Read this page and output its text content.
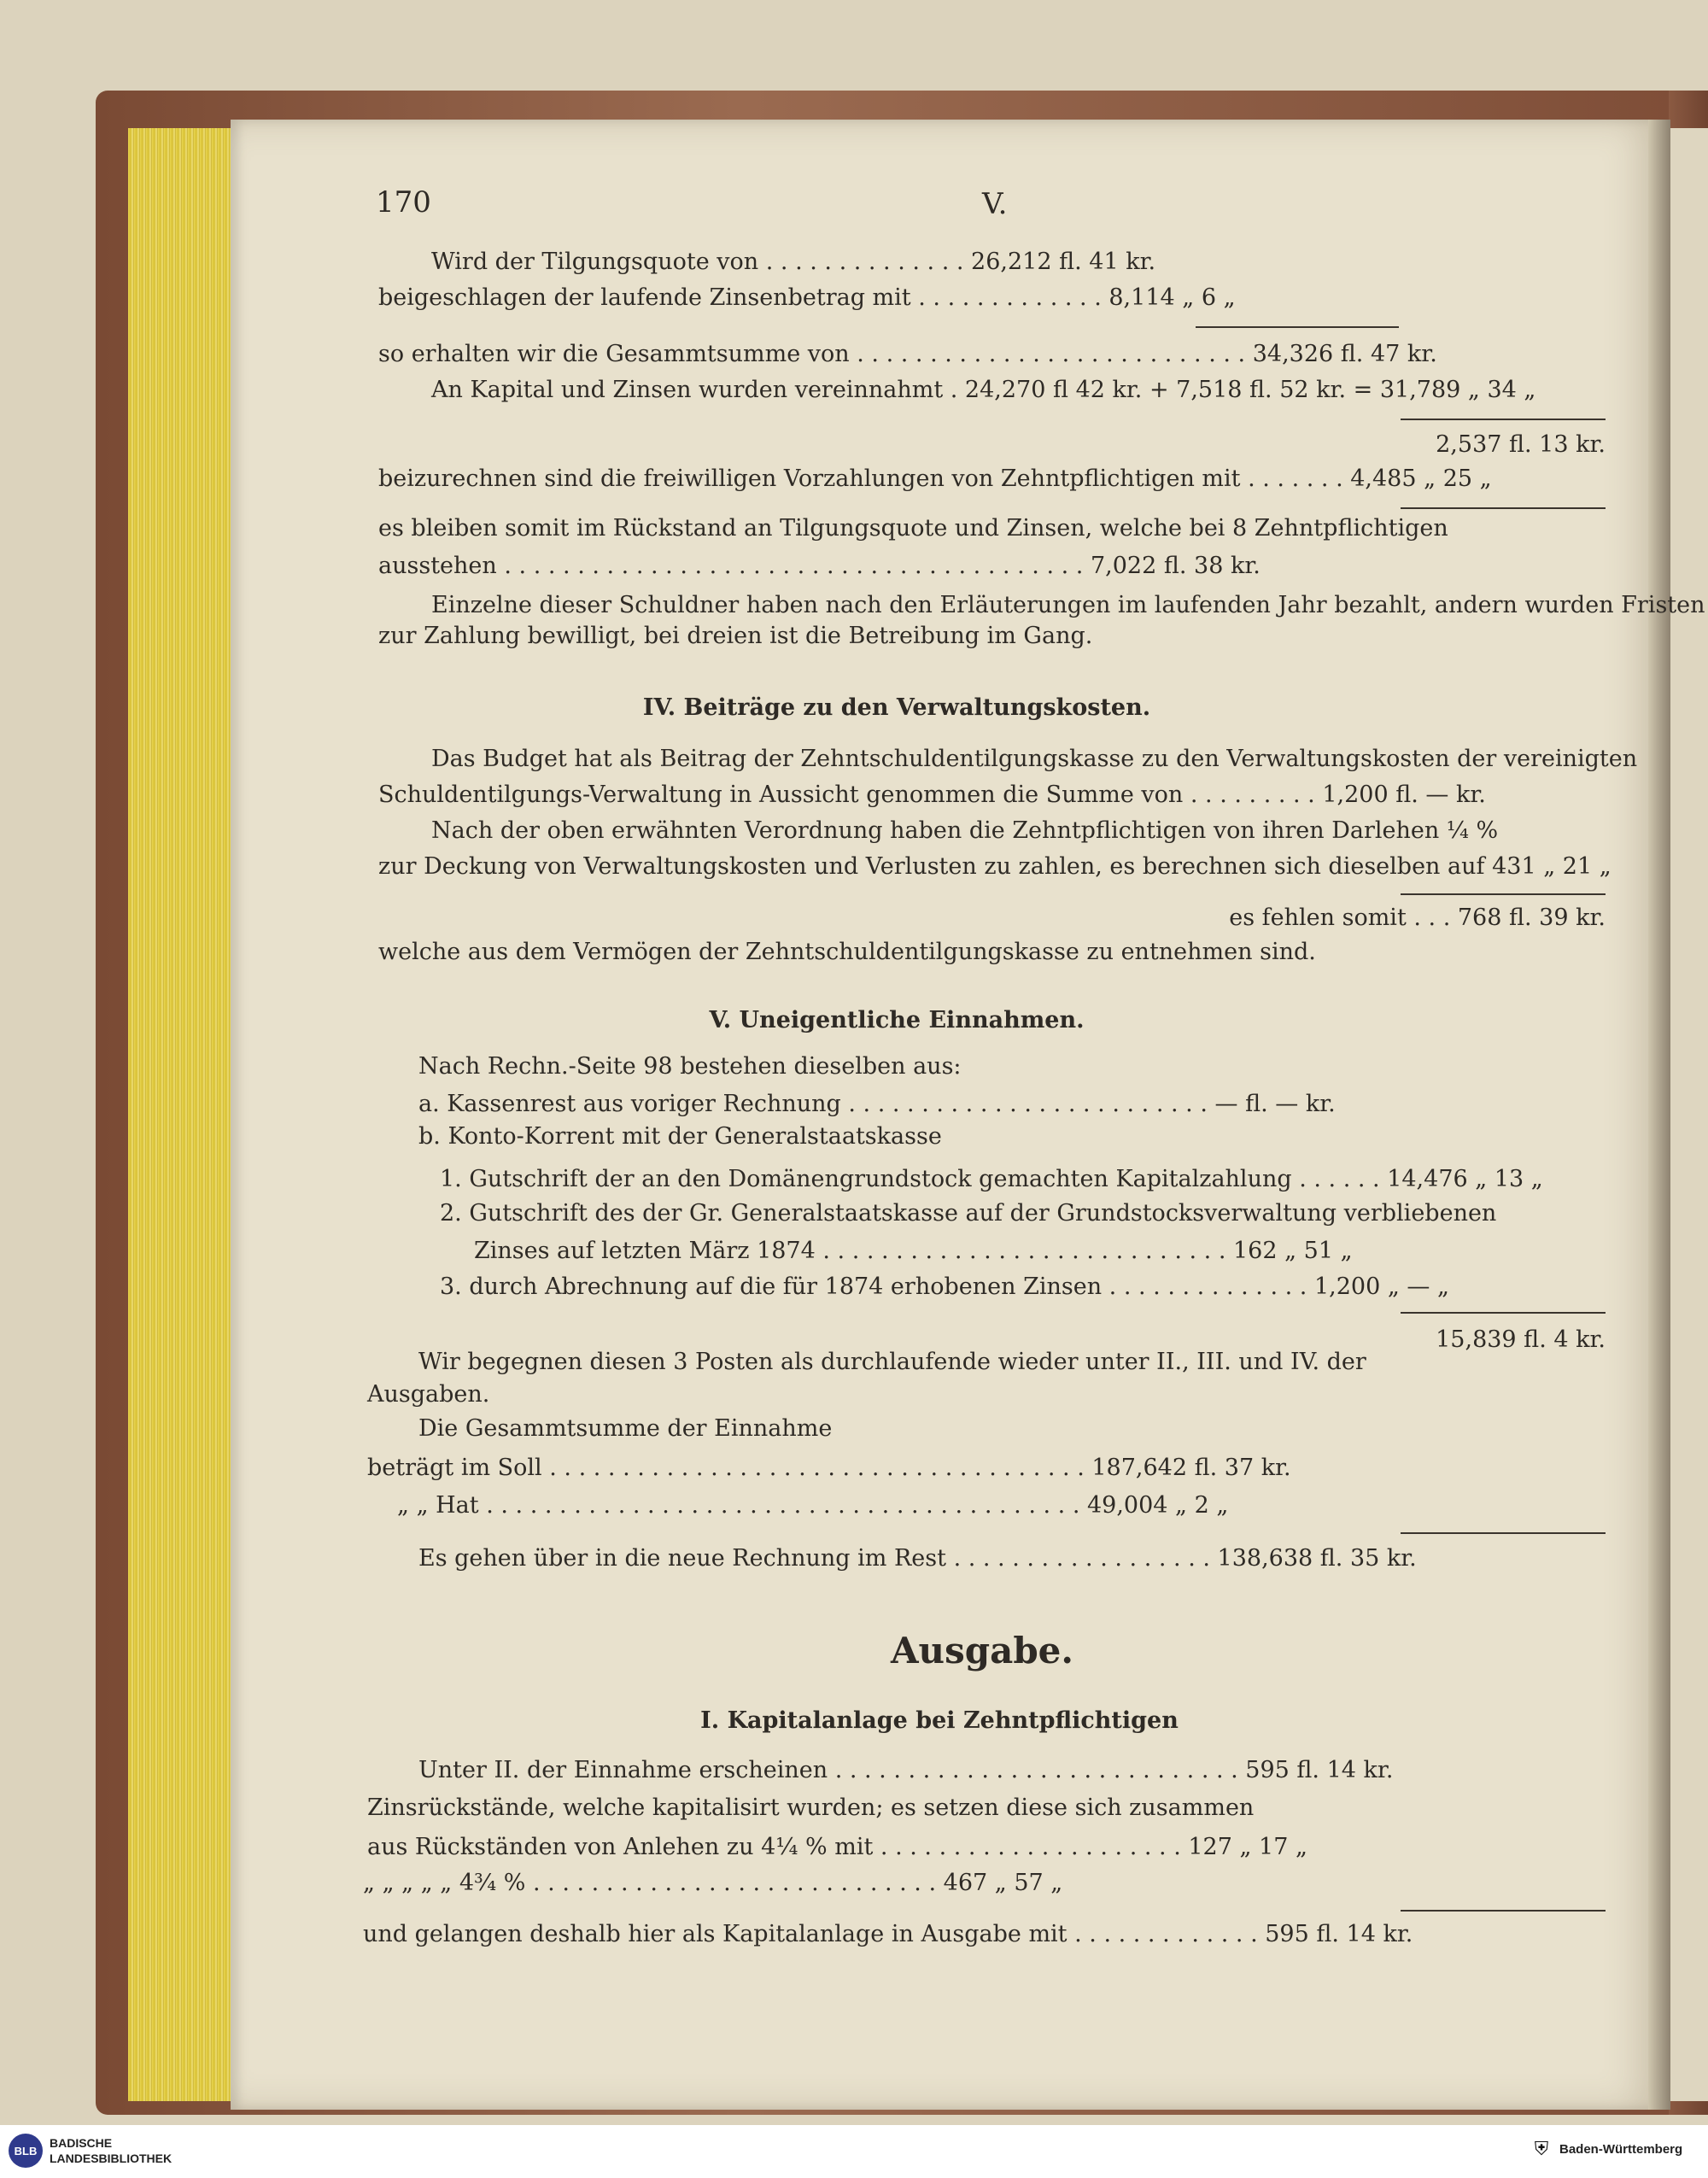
170	V.
Wird der Tilgungsquote von . . . . . . . . . . . . . . 26,212 fl. 41 kr.
beigeschlagen der laufende Zinsenbetrag mit . . . . . . . . . . . . . 8,114 „ 6 „
so erhalten wir die Gesammtsumme von . . . . . . . . . . . . . . . . . . . . . . . . . . . 34,326 fl. 47 kr.
An Kapital und Zinsen wurden vereinnahmt . 24,270 fl 42 kr. + 7,518 fl. 52 kr. = 31,789 „ 34 „
2,537 fl. 13 kr.
beizurechnen sind die freiwilligen Vorzahlungen von Zehntpflichtigen mit . . . . . . . 4,485 „ 25 „
es bleiben somit im Rückstand an Tilgungsquote und Zinsen, welche bei 8 Zehntpflichtigen
ausstehen . . . . . . . . . . . . . . . . . . . . . . . . . . . . . . . . . . . . . . . . 7,022 fl. 38 kr.
Einzelne dieser Schuldner haben nach den Erläuterungen im laufenden Jahr bezahlt, andern wurden Fristen
zur Zahlung bewilligt, bei dreien ist die Betreibung im Gang.
IV. Beiträge zu den Verwaltungskosten.
Das Budget hat als Beitrag der Zehntschuldentilgungskasse zu den Verwaltungskosten der vereinigten
Schuldentilgungs-Verwaltung in Aussicht genommen die Summe von . . . . . . . . . 1,200 fl. — kr.
Nach der oben erwähnten Verordnung haben die Zehntpflichtigen von ihren Darlehen ¼ %
zur Deckung von Verwaltungskosten und Verlusten zu zahlen, es berechnen sich dieselben auf 431 „ 21 „
es fehlen somit . . . 768 fl. 39 kr.
welche aus dem Vermögen der Zehntschuldentilgungskasse zu entnehmen sind.
V. Uneigentliche Einnahmen.
Nach Rechn.-Seite 98 bestehen dieselben aus:
a. Kassenrest aus voriger Rechnung . . . . . . . . . . . . . . . . . . . . . . . . . — fl. — kr.
b. Konto-Korrent mit der Generalstaatskasse
1. Gutschrift der an den Domänengrundstock gemachten Kapitalzahlung . . . . . . 14,476 „ 13 „
2. Gutschrift des der Gr. Generalstaatskasse auf der Grundstocksverwaltung verbliebenen
Zinses auf letzten März 1874 . . . . . . . . . . . . . . . . . . . . . . . . . . . . 162 „ 51 „
3. durch Abrechnung auf die für 1874 erhobenen Zinsen . . . . . . . . . . . . . . 1,200 „ — „
15,839 fl. 4 kr.
Wir begegnen diesen 3 Posten als durchlaufende wieder unter II., III. und IV. der
Ausgaben.
Die Gesammtsumme der Einnahme
beträgt im Soll . . . . . . . . . . . . . . . . . . . . . . . . . . . . . . . . . . . . . 187,642 fl. 37 kr.
„ „ Hat . . . . . . . . . . . . . . . . . . . . . . . . . . . . . . . . . . . . . . . . . 49,004 „ 2 „
Es gehen über in die neue Rechnung im Rest . . . . . . . . . . . . . . . . . . 138,638 fl. 35 kr.
Ausgabe.
I. Kapitalanlage bei Zehntpflichtigen
Unter II. der Einnahme erscheinen . . . . . . . . . . . . . . . . . . . . . . . . . . . . 595 fl. 14 kr.
Zinsrückstände, welche kapitalisirt wurden; es setzen diese sich zusammen
aus Rückständen von Anlehen zu 4¼ % mit . . . . . . . . . . . . . . . . . . . . . 127 „ 17 „
„ „ „ „ „ 4¾ % . . . . . . . . . . . . . . . . . . . . . . . . . . . . 467 „ 57 „
und gelangen deshalb hier als Kapitalanlage in Ausgabe mit . . . . . . . . . . . . . 595 fl. 14 kr.
BLB
BADISCHE
LANDESBIBLIOTHEK	⛨ Baden-Württemberg
